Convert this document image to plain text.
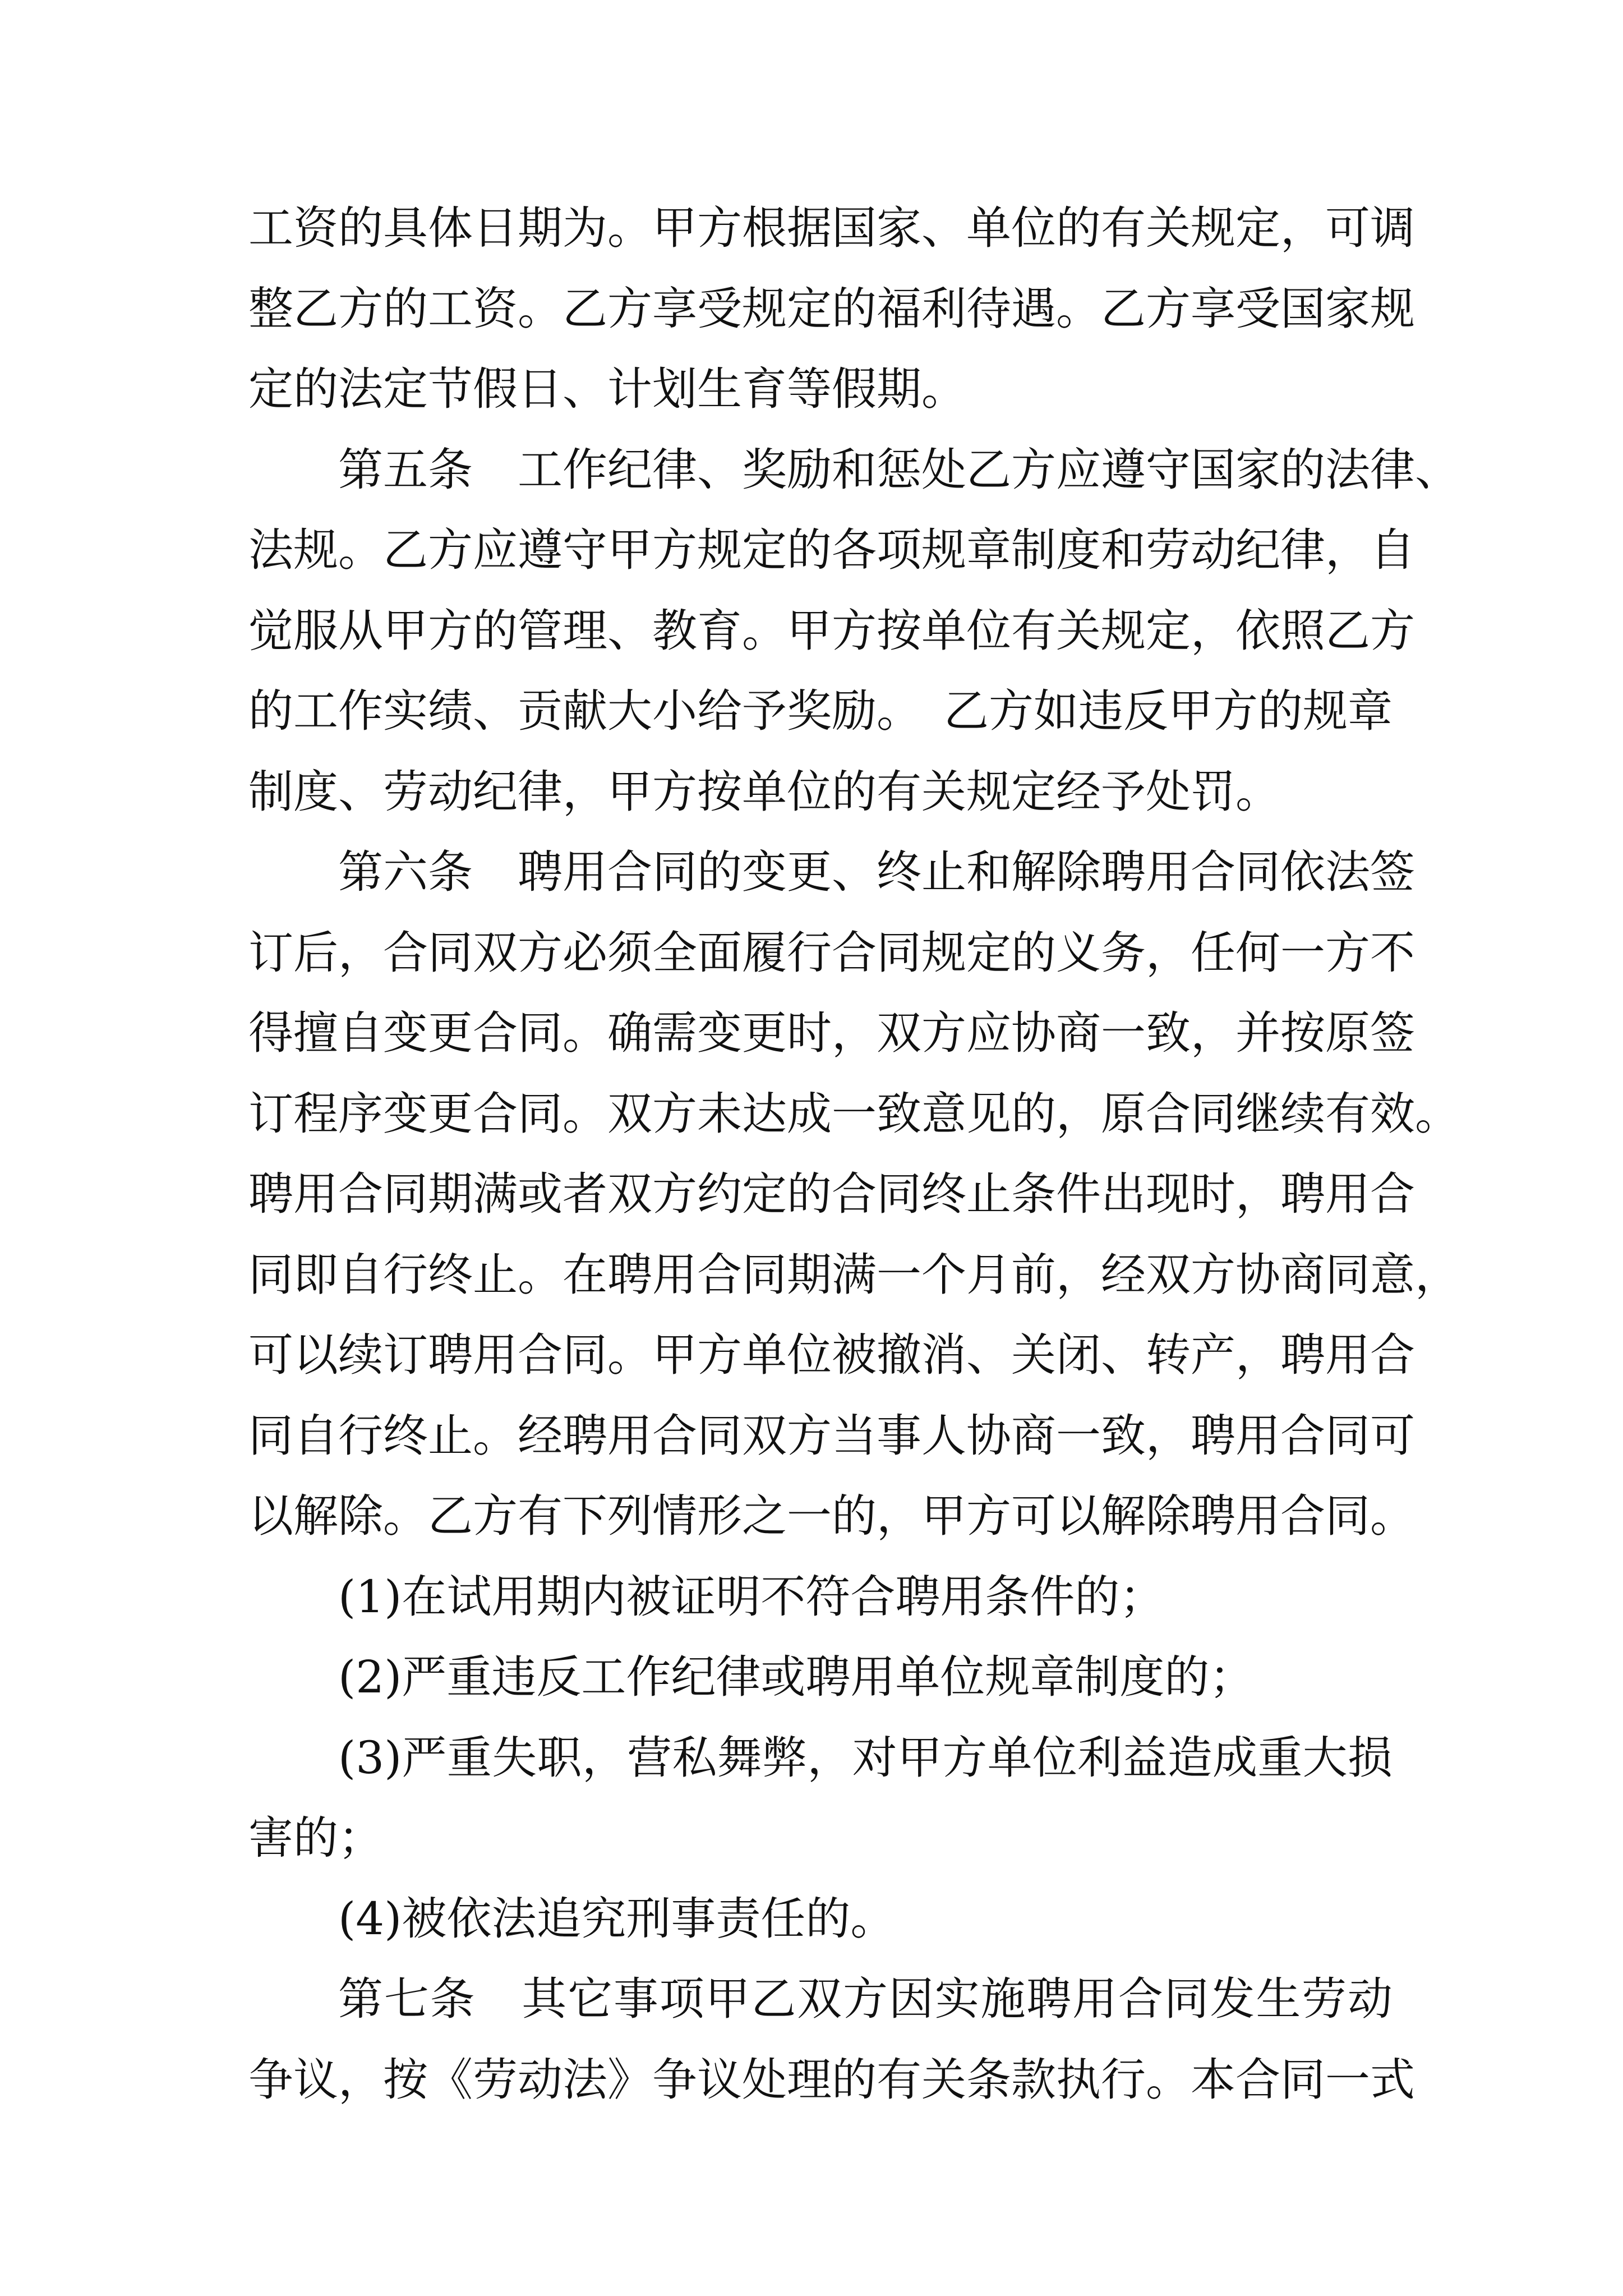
工资的具体日期为。甲方根据国家、单位的有关规定，可调
整乙方的工资。乙方享受规定的福利待遇。乙方享受国家规
定的法定节假日、计划生育等假期。
第五条　工作纪律、奖励和惩处乙方应遵守国家的法律、
法规。乙方应遵守甲方规定的各项规章制度和劳动纪律，自
觉服从甲方的管理、教育。甲方按单位有关规定，依照乙方
的工作实绩、贡献大小给予奖励。　乙方如违反甲方的规章
制度、劳动纪律，甲方按单位的有关规定经予处罚。
第六条　聘用合同的变更、终止和解除聘用合同依法签
订后，合同双方必须全面履行合同规定的义务，任何一方不
得擅自变更合同。确需变更时，双方应协商一致，并按原签
订程序变更合同。双方未达成一致意见的，原合同继续有效。
聘用合同期满或者双方约定的合同终止条件出现时，聘用合
同即自行终止。在聘用合同期满一个月前，经双方协商同意，
可以续订聘用合同。甲方单位被撤消、关闭、转产，聘用合
同自行终止。经聘用合同双方当事人协商一致，聘用合同可
以解除。乙方有下列情形之一的，甲方可以解除聘用合同。
(1)在试用期内被证明不符合聘用条件的；
(2)严重违反工作纪律或聘用单位规章制度的；
(3)严重失职，营私舞弊，对甲方单位利益造成重大损
害的；
(4)被依法追究刑事责任的。
第七条　其它事项甲乙双方因实施聘用合同发生劳动
争议，按《劳动法》争议处理的有关条款执行。本合同一式
